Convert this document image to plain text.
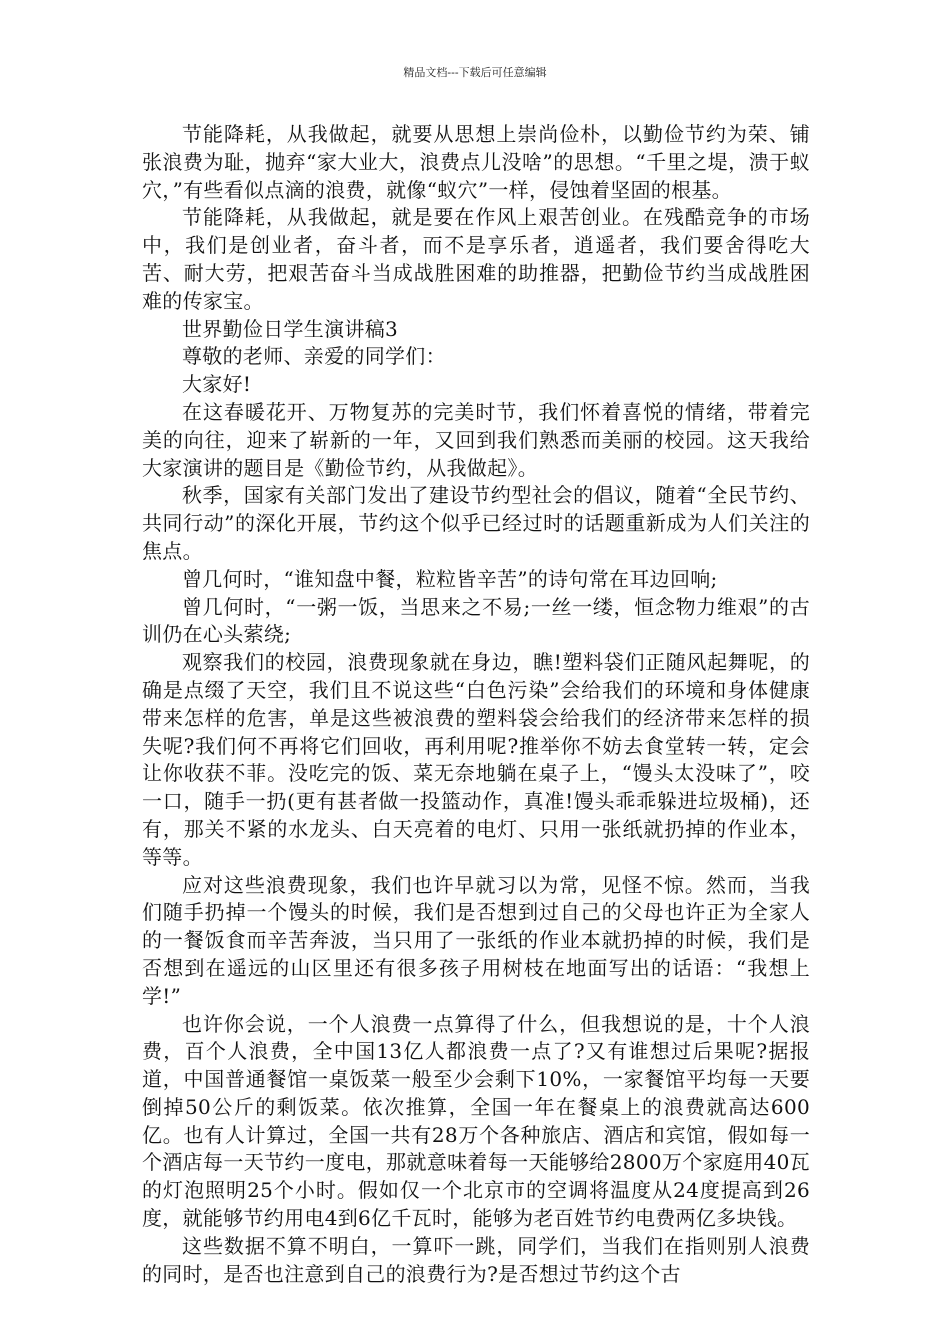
精品文档---下载后可任意编辑

节能降耗，从我做起，就要从思想上崇尚俭朴，以勤俭节约为荣、铺张浪费为耻，抛弃“家大业大，浪费点儿没啥”的思想。“千里之堤，溃于蚁穴，”有些看似点滴的浪费，就像“蚁穴”一样，侵蚀着坚固的根基。

节能降耗，从我做起，就是要在作风上艰苦创业。在残酷竞争的市场中，我们是创业者，奋斗者，而不是享乐者，逍遥者，我们要舍得吃大苦、耐大劳，把艰苦奋斗当成战胜困难的助推器，把勤俭节约当成战胜困难的传家宝。

世界勤俭日学生演讲稿3

尊敬的老师、亲爱的同学们：

大家好!

在这春暖花开、万物复苏的完美时节，我们怀着喜悦的情绪，带着完美的向往，迎来了崭新的一年，又回到我们熟悉而美丽的校园。这天我给大家演讲的题目是《勤俭节约，从我做起》。

秋季，国家有关部门发出了建设节约型社会的倡议，随着“全民节约、共同行动”的深化开展，节约这个似乎已经过时的话题重新成为人们关注的焦点。

曾几何时，“谁知盘中餐，粒粒皆辛苦”的诗句常在耳边回响;

曾几何时，“一粥一饭，当思来之不易;一丝一缕，恒念物力维艰”的古训仍在心头萦绕;

观察我们的校园，浪费现象就在身边，瞧!塑料袋们正随风起舞呢，的确是点缀了天空，我们且不说这些“白色污染”会给我们的环境和身体健康带来怎样的危害，单是这些被浪费的塑料袋会给我们的经济带来怎样的损失呢?我们何不再将它们回收，再利用呢?推举你不妨去食堂转一转，定会让你收获不菲。没吃完的饭、菜无奈地躺在桌子上，“馒头太没味了”，咬一口，随手一扔(更有甚者做一投篮动作，真准!馒头乖乖躲进垃圾桶)，还有，那关不紧的水龙头、白天亮着的电灯、只用一张纸就扔掉的作业本，等等。

应对这些浪费现象，我们也许早就习以为常，见怪不惊。然而，当我们随手扔掉一个馒头的时候，我们是否想到过自己的父母也许正为全家人的一餐饭食而辛苦奔波，当只用了一张纸的作业本就扔掉的时候，我们是否想到在遥远的山区里还有很多孩子用树枝在地面写出的话语：“我想上学!”

也许你会说，一个人浪费一点算得了什么，但我想说的是，十个人浪费，百个人浪费，全中国13亿人都浪费一点了?又有谁想过后果呢?据报道，中国普通餐馆一桌饭菜一般至少会剩下10%，一家餐馆平均每一天要倒掉50公斤的剩饭菜。依次推算，全国一年在餐桌上的浪费就高达600亿。也有人计算过，全国一共有28万个各种旅店、酒店和宾馆，假如每一个酒店每一天节约一度电，那就意味着每一天能够给2800万个家庭用40瓦的灯泡照明25个小时。假如仅一个北京市的空调将温度从24度提高到26度，就能够节约用电4到6亿千瓦时，能够为老百姓节约电费两亿多块钱。

这些数据不算不明白，一算吓一跳，同学们，当我们在指则别人浪费的同时，是否也注意到自己的浪费行为?是否想过节约这个古
